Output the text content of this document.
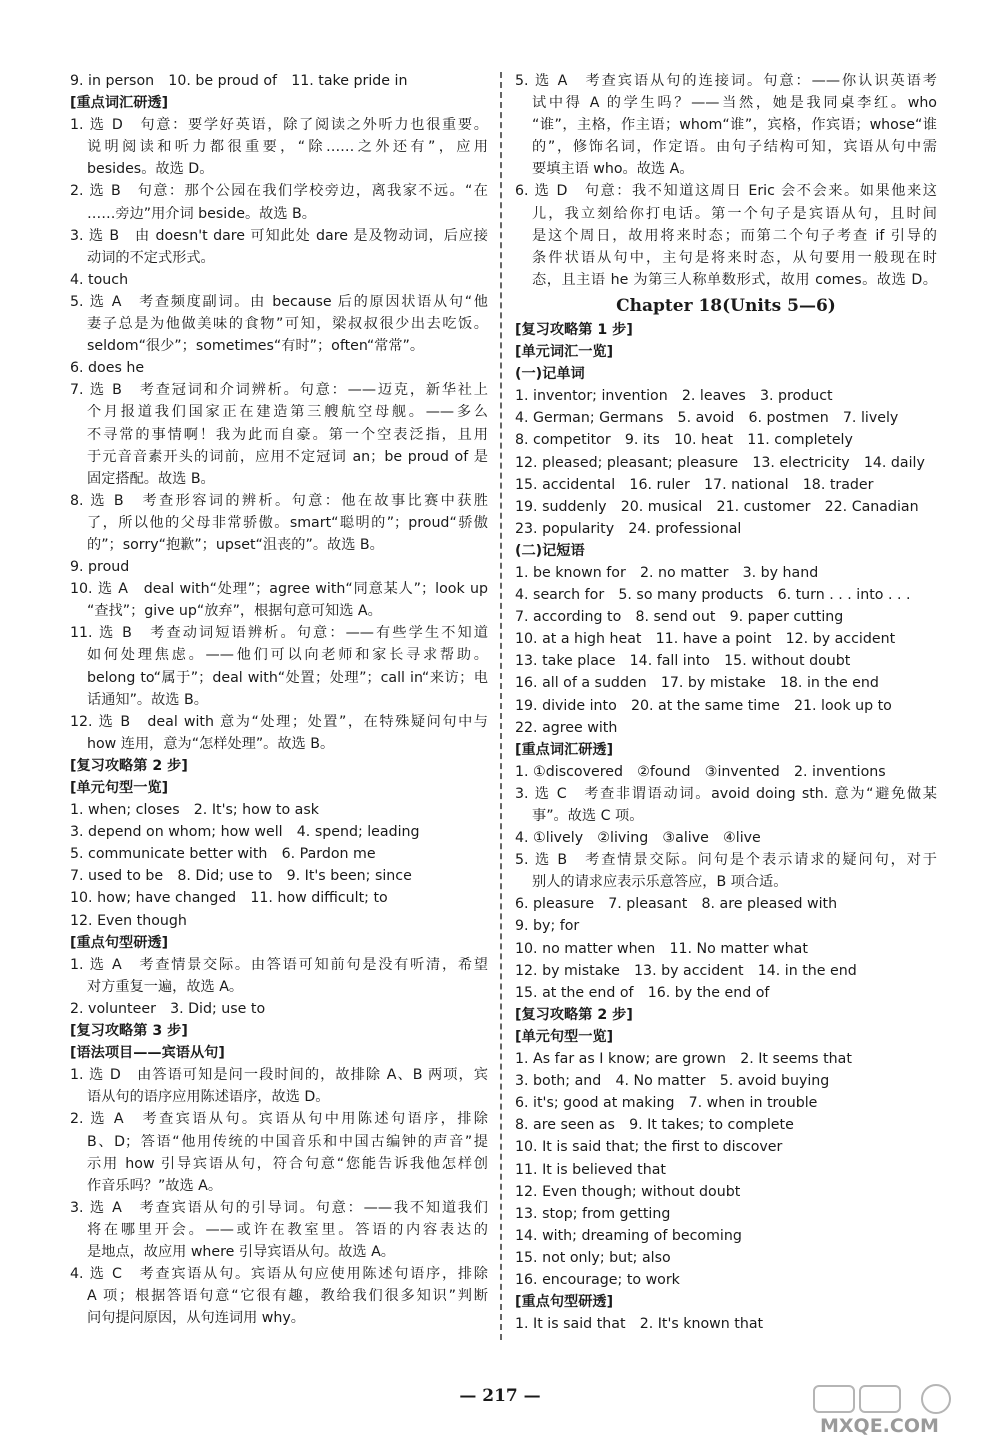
9. in person　10. be proud of　11. take pride in
[重点词汇研透]
1. 选 D　句意：要学好英语，除了阅读之外听力也很重要。
说明阅读和听力都很重要，“除……之外还有”，应用
besides。故选 D。
2. 选 B　句意：那个公园在我们学校旁边，离我家不远。“在
……旁边”用介词 beside。故选 B。
3. 选 B　由 doesn't dare 可知此处 dare 是及物动词，后应接
动词的不定式形式。
4. touch
5. 选 A　考查频度副词。由 because 后的原因状语从句“他
妻子总是为他做美味的食物”可知，梁叔叔很少出去吃饭。
seldom“很少”；sometimes“有时”；often“常常”。
6. does he
7. 选 B　考查冠词和介词辨析。句意：——迈克，新华社上
个月报道我们国家正在建造第三艘航空母舰。——多么
不寻常的事情啊！我为此而自豪。第一个空表泛指，且用
于元音音素开头的词前，应用不定冠词 an；be proud of 是
固定搭配。故选 B。
8. 选 B　考查形容词的辨析。句意：他在故事比赛中获胜
了，所以他的父母非常骄傲。smart“聪明的”；proud“骄傲
的”；sorry“抱歉”；upset“沮丧的”。故选 B。
9. proud
10. 选 A　deal with“处理”；agree with“同意某人”；look up
“查找”；give up“放弃”，根据句意可知选 A。
11. 选 B　考查动词短语辨析。句意：——有些学生不知道
如何处理焦虑。——他们可以向老师和家长寻求帮助。
belong to“属于”；deal with“处置；处理”；call in“来访；电
话通知”。故选 B。
12. 选 B　deal with 意为“处理；处置”，在特殊疑问句中与
how 连用，意为“怎样处理”。故选 B。
[复习攻略第 2 步]
[单元句型一览]
1. when; closes　2. It's; how to ask
3. depend on whom; how well　4. spend; leading
5. communicate better with　6. Pardon me
7. used to be　8. Did; use to　9. It's been; since
10. how; have changed　11. how difficult; to
12. Even though
[重点句型研透]
1. 选 A　考查情景交际。由答语可知前句是没有听清，希望
对方重复一遍，故选 A。
2. volunteer　3. Did; use to
[复习攻略第 3 步]
[语法项目——宾语从句]
1. 选 D　由答语可知是问一段时间的，故排除 A、B 两项，宾
语从句的语序应用陈述语序，故选 D。
2. 选 A　考查宾语从句。宾语从句中用陈述句语序，排除
B、D；答语“他用传统的中国音乐和中国古编钟的声音”提
示用 how 引导宾语从句，符合句意“您能告诉我他怎样创
作音乐吗？”故选 A。
3. 选 A　考查宾语从句的引导词。句意：——我不知道我们
将在哪里开会。——或许在教室里。答语的内容表达的
是地点，故应用 where 引导宾语从句。故选 A。
4. 选 C　考查宾语从句。宾语从句应使用陈述句语序，排除
A 项；根据答语句意“它很有趣，教给我们很多知识”判断
问句提问原因，从句连词用 why。
5. 选 A　考查宾语从句的连接词。句意：——你认识英语考
试中得 A 的学生吗？——当然，她是我同桌李红。who
“谁”，主格，作主语；whom“谁”，宾格，作宾语；whose“谁
的”，修饰名词，作定语。由句子结构可知，宾语从句中需
要填主语 who。故选 A。
6. 选 D　句意：我不知道这周日 Eric 会不会来。如果他来这
儿，我立刻给你打电话。第一个句子是宾语从句，且时间
是这个周日，故用将来时态；而第二个句子考查 if 引导的
条件状语从句中，主句是将来时态，从句要用一般现在时
态，且主语 he 为第三人称单数形式，故用 comes。故选 D。
Chapter 18(Units 5—6)
[复习攻略第 1 步]
[单元词汇一览]
(一)记单词
1. inventor; invention　2. leaves　3. product
4. German; Germans　5. avoid　6. postmen　7. lively
8. competitor　9. its　10. heat　11. completely
12. pleased; pleasant; pleasure　13. electricity　14. daily
15. accidental　16. ruler　17. national　18. trader
19. suddenly　20. musical　21. customer　22. Canadian
23. popularity　24. professional
(二)记短语
1. be known for　2. no matter　3. by hand
4. search for　5. so many products　6. turn . . . into . . .
7. according to　8. send out　9. paper cutting
10. at a high heat　11. have a point　12. by accident
13. take place　14. fall into　15. without doubt
16. all of a sudden　17. by mistake　18. in the end
19. divide into　20. at the same time　21. look up to
22. agree with
[重点词汇研透]
1. ①discovered　②found　③invented　2. inventions
3. 选 C　考查非谓语动词。avoid doing sth. 意为“避免做某
事”。故选 C 项。
4. ①lively　②living　③alive　④live
5. 选 B　考查情景交际。问句是个表示请求的疑问句，对于
别人的请求应表示乐意答应，B 项合适。
6. pleasure　7. pleasant　8. are pleased with
9. by; for
10. no matter when　11. No matter what
12. by mistake　13. by accident　14. in the end
15. at the end of　16. by the end of
[复习攻略第 2 步]
[单元句型一览]
1. As far as I know; are grown　2. It seems that
3. both; and　4. No matter　5. avoid buying
6. it's; good at making　7. when in trouble
8. are seen as　9. It takes; to complete
10. It is said that; the first to discover
11. It is believed that
12. Even though; without doubt
13. stop; from getting
14. with; dreaming of becoming
15. not only; but; also
16. encourage; to work
[重点句型研透]
1. It is said that　2. It's known that
— 217 —
MXQE.COM
